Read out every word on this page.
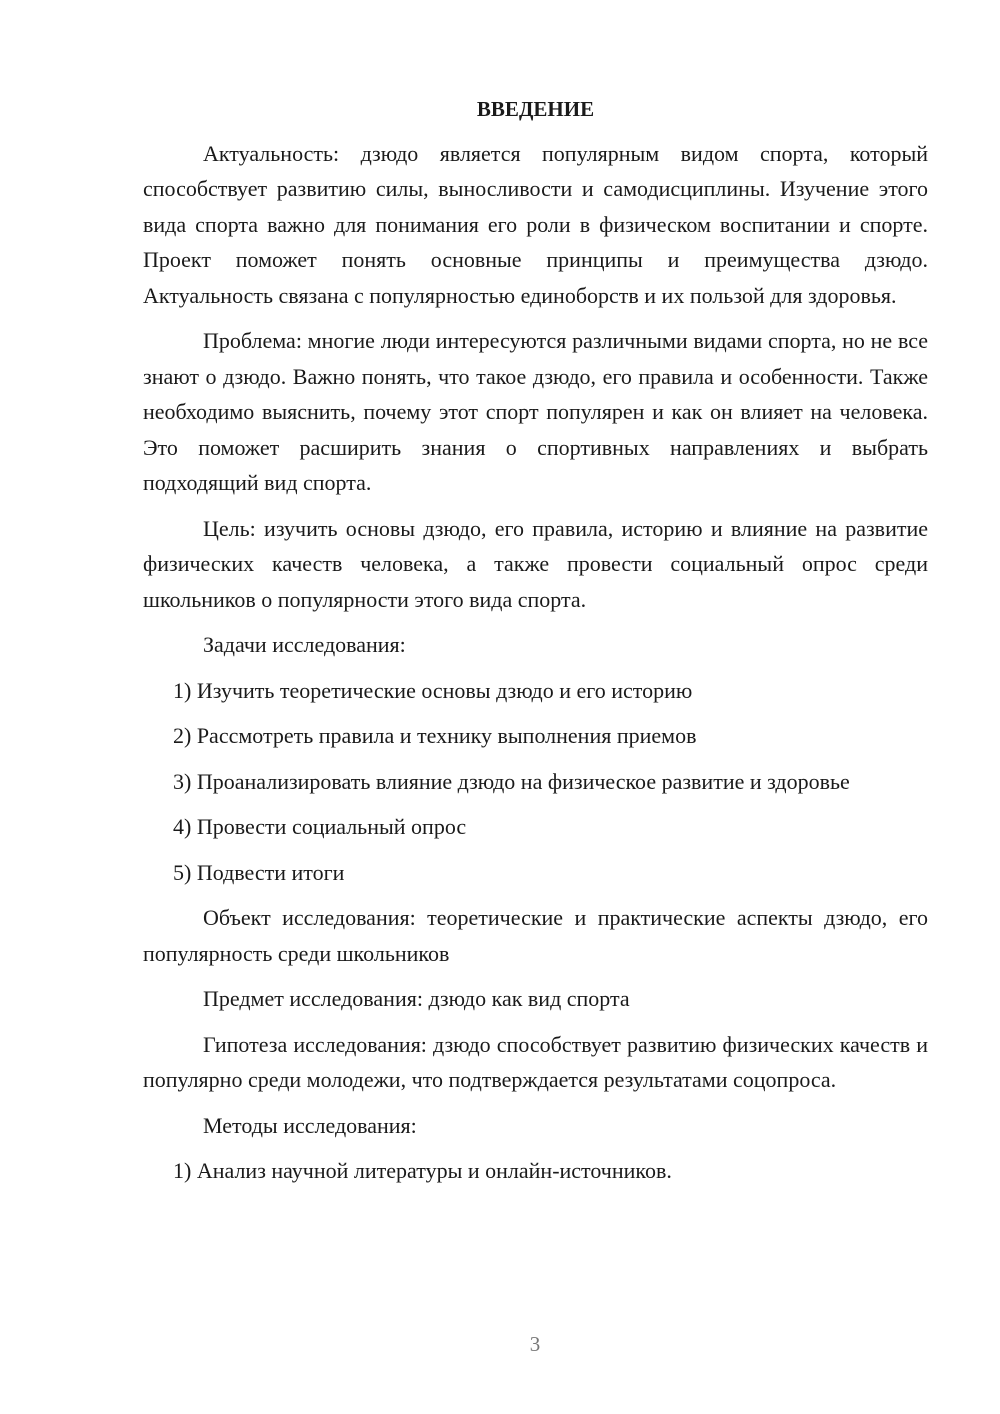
ВВЕДЕНИЕ

Актуальность: дзюдо является популярным видом спорта, который способствует развитию силы, выносливости и самодисциплины. Изучение этого вида спорта важно для понимания его роли в физическом воспитании и спорте. Проект поможет понять основные принципы и преимущества дзюдо. Актуальность связана с популярностью единоборств и их пользой для здоровья.

Проблема: многие люди интересуются различными видами спорта, но не все знают о дзюдо. Важно понять, что такое дзюдо, его правила и особенности. Также необходимо выяснить, почему этот спорт популярен и как он влияет на человека. Это поможет расширить знания о спортивных направлениях и выбрать подходящий вид спорта.

Цель: изучить основы дзюдо, его правила, историю и влияние на развитие физических качеств человека, а также провести социальный опрос среди школьников о популярности этого вида спорта.

Задачи исследования:

1) Изучить теоретические основы дзюдо и его историю

2) Рассмотреть правила и технику выполнения приемов

3) Проанализировать влияние дзюдо на физическое развитие и здоровье

4) Провести социальный опрос

5) Подвести итоги

Объект исследования: теоретические и практические аспекты дзюдо, его популярность среди школьников

Предмет исследования: дзюдо как вид спорта

Гипотеза исследования: дзюдо способствует развитию физических качеств и популярно среди молодежи, что подтверждается результатами соцопроса.

Методы исследования:

1) Анализ научной литературы и онлайн-источников.

3
